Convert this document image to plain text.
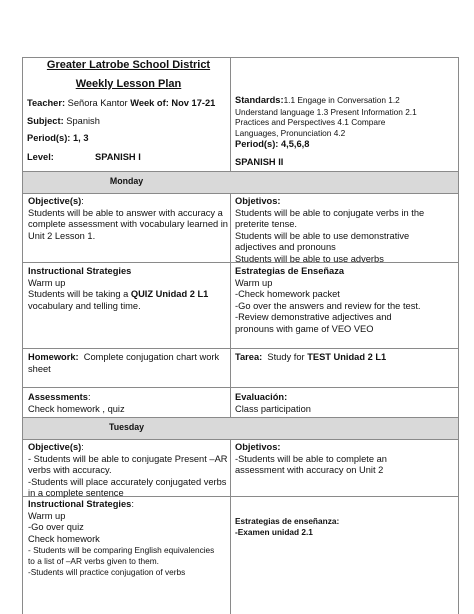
Greater Latrobe School District

Weekly Lesson Plan

Teacher: Señora Kantor Week of: Nov 17-21

Subject: Spanish

Period(s): 1, 3

Level:	SPANISH I

Standards:1.1 Engage in Conversation 1.2

Understand language 1.3 Present Information 2.1

Practices and Perspectives 4.1 Compare

Languages, Pronunciation 4.2

Period(s): 4,5,6,8

SPANISH II

Monday

Objective(s):

Students will be able to answer with accuracy a

complete assessment with vocabulary learned in

Unit 2 Lesson 1.

Objetivos:

Students will be able to conjugate verbs in the

preterite tense.

Students will be able to use demonstrative

adjectives and pronouns

Students will be able to use adverbs

Instructional Strategies

Warm up

Students will be taking a QUIZ Unidad 2 L1

vocabulary and telling time.

Estrategias de Enseñaza

Warm up

-Check homework packet

-Go over the answers and review for the test.

-Review demonstrative adjectives and

pronouns with game of VEO VEO

Homework:  Complete conjugation chart work

sheet

Tarea:  Study for TEST Unidad 2 L1

Assessments:

Check homework , quiz

Evaluación:

Class participation

Tuesday

Objective(s):

- Students will be able to conjugate Present –AR

verbs with accuracy.

-Students will place accurately conjugated verbs

in a complete sentence

Objetivos:

-Students will be able to complete an

assessment with accuracy on Unit 2

Instructional Strategies:

Warm up

-Go over quiz

Check homework

- Students will be comparing English equivalencies

to a list of –AR verbs given to them.

-Students will practice conjugation of verbs

Estrategias de enseñanza:

-Examen unidad 2.1
